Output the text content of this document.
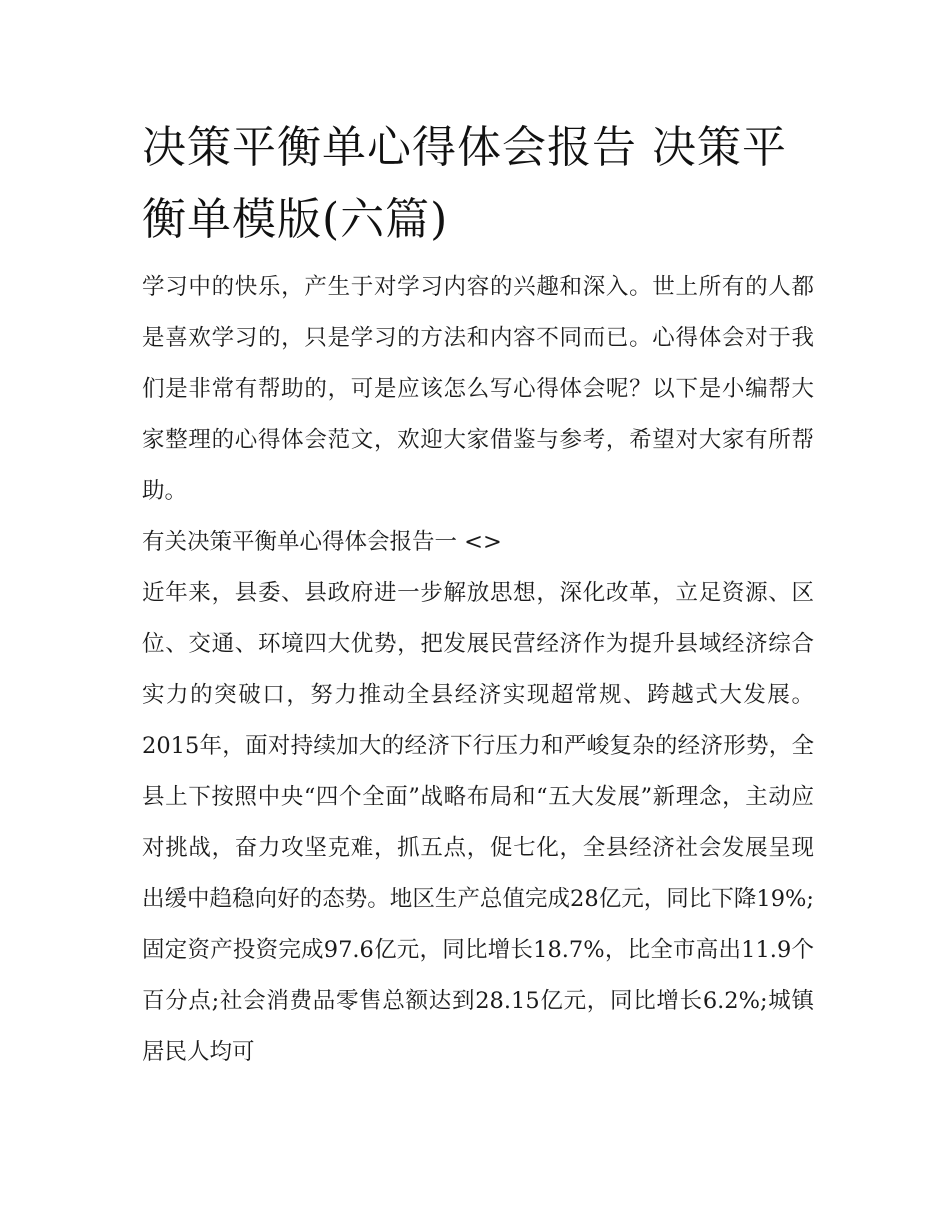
决策平衡单心得体会报告 决策平衡单模版(六篇)

学习中的快乐，产生于对学习内容的兴趣和深入。世上所有的人都是喜欢学习的，只是学习的方法和内容不同而已。心得体会对于我们是非常有帮助的，可是应该怎么写心得体会呢？以下是小编帮大家整理的心得体会范文，欢迎大家借鉴与参考，希望对大家有所帮助。

有关决策平衡单心得体会报告一 <>

近年来，县委、县政府进一步解放思想，深化改革，立足资源、区位、交通、环境四大优势，把发展民营经济作为提升县域经济综合实力的突破口，努力推动全县经济实现超常规、跨越式大发展。2015年，面对持续加大的经济下行压力和严峻复杂的经济形势，全县上下按照中央“四个全面”战略布局和“五大发展”新理念，主动应对挑战，奋力攻坚克难，抓五点，促七化，全县经济社会发展呈现出缓中趋稳向好的态势。地区生产总值完成28亿元，同比下降19%;固定资产投资完成97.6亿元，同比增长18.7%，比全市高出11.9个百分点;社会消费品零售总额达到28.15亿元，同比增长6.2%;城镇居民人均可
